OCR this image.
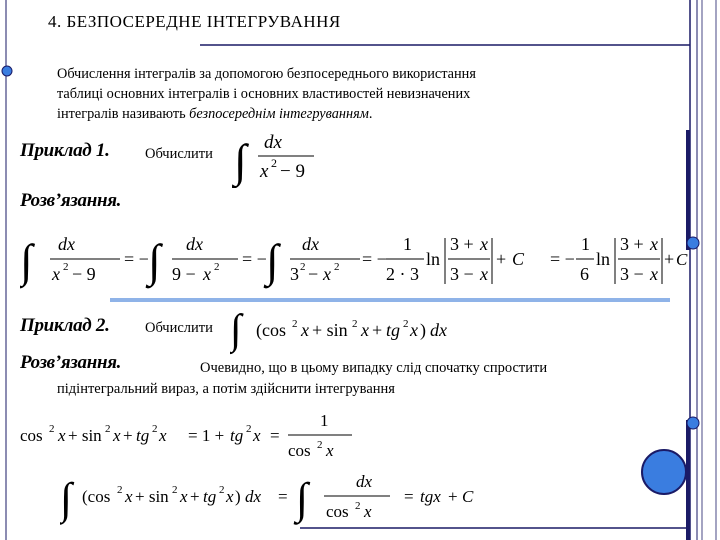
4. БЕЗПОСЕРЕДНЕ ІНТЕГРУВАННЯ
Обчислення інтегралів за допомогою безпосереднього використання
таблиці основних інтегралів і основних властивостей невизначених
інтегралів називають безпосереднім інтегруванням.
Приклад 1. Обчислити ∫ dx
x 2 − 9
Розв’язання.
∫ dx
x 2 − 9
= − ∫ dx
9 − x 2 = − ∫ dx
3 2 − x 2 = −
1
2 · 3
ln
3 + x
3 − x
+ C = −
1
6
ln
3 + x
3 − x
+ C
Приклад 2. Обчислити ∫ (cos 2 x + sin 2 x + tg 2 x ) dx
Розв’язання.	Очевидно, що в цьому випадку слід спочатку спростити
підінтегральний вираз, а потім здійснити інтегрування
cos 2 x + sin 2 x + tg 2 x = 1 + tg 2 x =
1
cos 2 x
∫ (cos 2 x + sin 2 x + tg 2 x ) dx = ∫	dx
cos 2 x
= tgx + C
